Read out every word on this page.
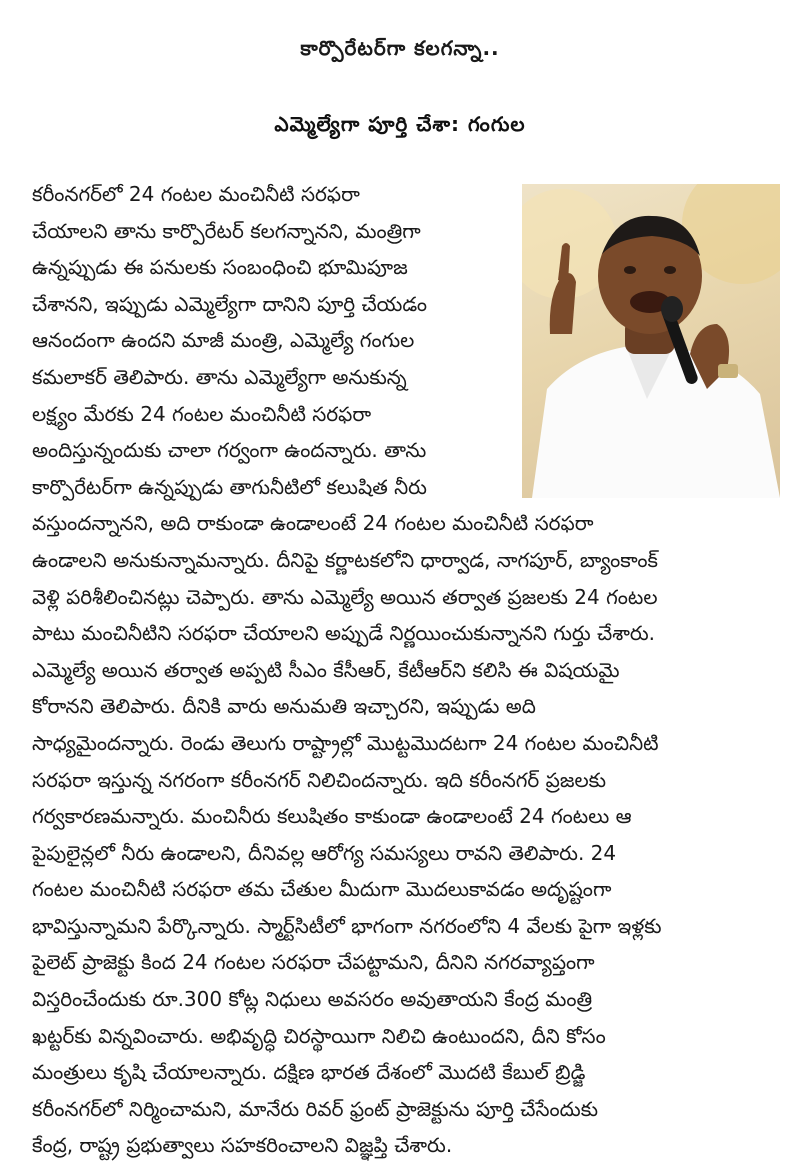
కార్పొరేటర్‌గా కలగన్నా..
ఎమ్మెల్యేగా పూర్తి చేశా: గంగుల
కరీంనగర్‌లో 24 గంటల మంచినీటి సరఫరా
చేయాలని తాను కార్పొరేటర్ కలగన్నానని, మంత్రిగా
ఉన్నప్పుడు ఈ పనులకు సంబంధించి భూమిపూజ
చేశానని, ఇప్పుడు ఎమ్మెల్యేగా దానిని పూర్తి చేయడం
ఆనందంగా ఉందని మాజీ మంత్రి, ఎమ్మెల్యే గంగుల
కమలాకర్ తెలిపారు. తాను ఎమ్మెల్యేగా అనుకున్న
లక్ష్యం మేరకు 24 గంటల మంచినీటి సరఫరా
అందిస్తున్నందుకు చాలా గర్వంగా ఉందన్నారు. తాను
కార్పొరేటర్‌గా ఉన్నప్పుడు తాగునీటిలో కలుషిత నీరు
వస్తుందన్నానని, అది రాకుండా ఉండాలంటే 24 గంటల మంచినీటి సరఫరా
ఉండాలని అనుకున్నామన్నారు. దీనిపై కర్ణాటకలోని ధార్వాడ, నాగపూర్, బ్యాంకాంక్
వెళ్లి పరిశీలించినట్లు చెప్పారు. తాను ఎమ్మెల్యే అయిన తర్వాత ప్రజలకు 24 గంటల
పాటు మంచినీటిని సరఫరా చేయాలని అప్పుడే నిర్ణయించుకున్నానని గుర్తు చేశారు.
ఎమ్మెల్యే అయిన తర్వాత అప్పటి సీఎం కేసీఆర్, కేటీఆర్‌ని కలిసి ఈ విషయమై
కోరానని తెలిపారు. దీనికి వారు అనుమతి ఇచ్చారని, ఇప్పుడు అది
సాధ్యమైందన్నారు. రెండు తెలుగు రాష్ట్రాల్లో మొట్టమొదటగా 24 గంటల మంచినీటి
సరఫరా ఇస్తున్న నగరంగా కరీంనగర్ నిలిచిందన్నారు. ఇది కరీంనగర్ ప్రజలకు
గర్వకారణమన్నారు. మంచినీరు కలుషితం కాకుండా ఉండాలంటే 24 గంటలు ఆ
పైపులైన్లలో నీరు ఉండాలని, దీనివల్ల ఆరోగ్య సమస్యలు రావని తెలిపారు. 24
గంటల మంచినీటి సరఫరా తమ చేతుల మీదుగా మొదలుకావడం అదృష్టంగా
భావిస్తున్నామని పేర్కొన్నారు. స్మార్ట్‌సిటీలో భాగంగా నగరంలోని 4 వేలకు పైగా ఇళ్లకు
పైలెట్ ప్రాజెక్టు కింద 24 గంటల సరఫరా చేపట్టామని, దీనిని నగరవ్యాప్తంగా
విస్తరించేందుకు రూ.300 కోట్ల నిధులు అవసరం అవుతాయని కేంద్ర మంత్రి
ఖట్టర్‌కు విన్నవించారు. అభివృద్ధి చిరస్థాయిగా నిలిచి ఉంటుందని, దీని కోసం
మంత్రులు కృషి చేయాలన్నారు. దక్షిణ భారత దేశంలో మొదటి కేబుల్ బ్రిడ్జి
కరీంనగర్‌లో నిర్మించామని, మానేరు రివర్ ఫ్రంట్ ప్రాజెక్టును పూర్తి చేసేందుకు
కేంద్ర, రాష్ట్ర ప్రభుత్వాలు సహకరించాలని విజ్ఞప్తి చేశారు.
